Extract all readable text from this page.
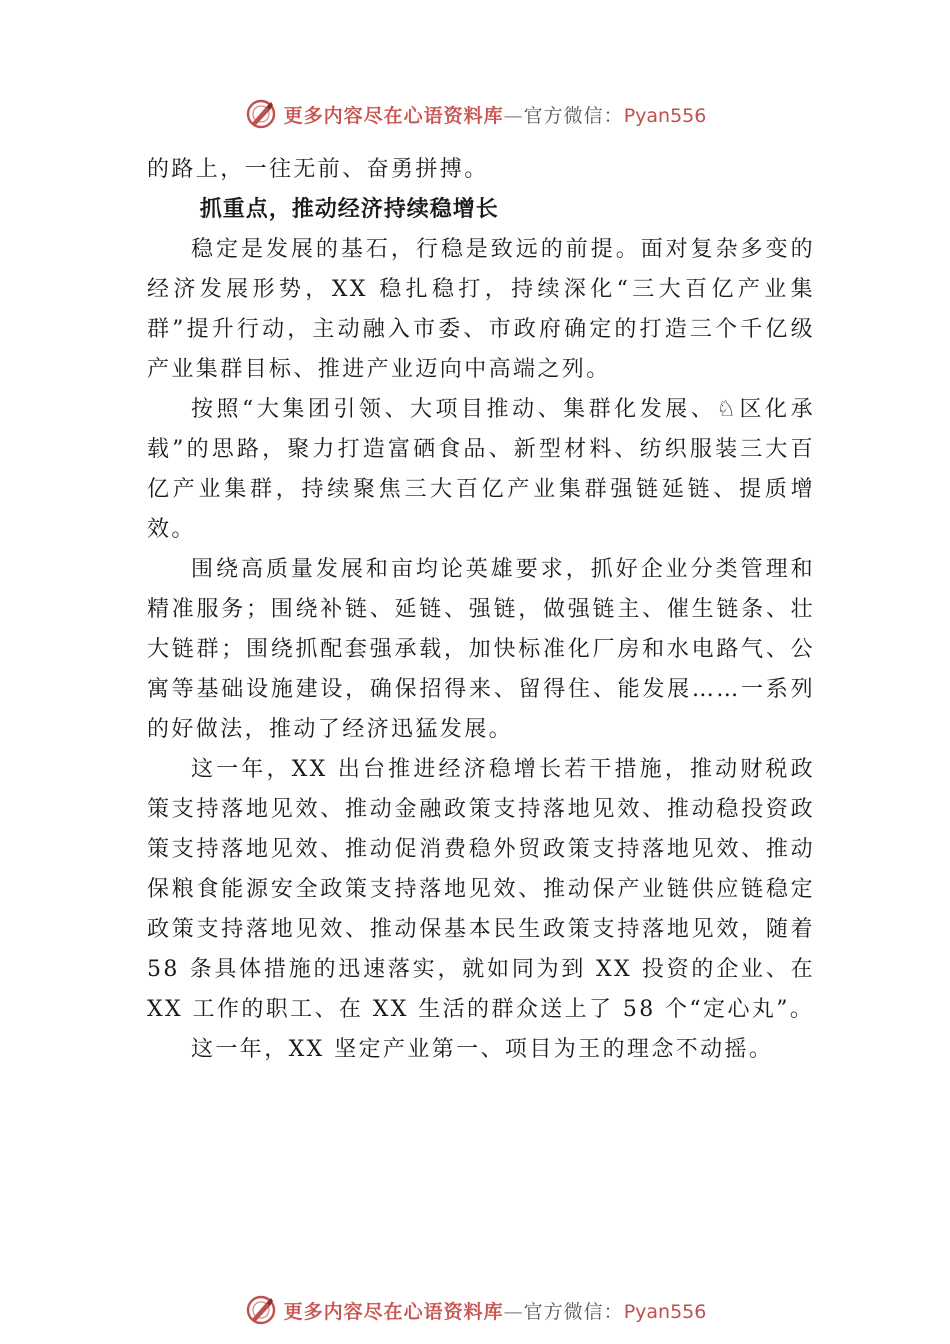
更多内容尽在心语资料库—官方微信：Pyan556

的路上，一往无前、奋勇拼搏。

抓重点，推动经济持续稳增长

稳定是发展的基石，行稳是致远的前提。面对复杂多变的经济发展形势，XX 稳扎稳打，持续深化“三大百亿产业集群”提升行动，主动融入市委、市政府确定的打造三个千亿级产业集群目标、推进产业迈向中高端之列。

按照“大集团引领、大项目推动、集群化发展、♘区化承载”的思路，聚力打造富硒食品、新型材料、纺织服装三大百亿产业集群，持续聚焦三大百亿产业集群强链延链、提质增效。

围绕高质量发展和亩均论英雄要求，抓好企业分类管理和精准服务；围绕补链、延链、强链，做强链主、催生链条、壮大链群；围绕抓配套强承载，加快标准化厂房和水电路气、公寓等基础设施建设，确保招得来、留得住、能发展……一系列的好做法，推动了经济迅猛发展。

这一年，XX 出台推进经济稳增长若干措施，推动财税政策支持落地见效、推动金融政策支持落地见效、推动稳投资政策支持落地见效、推动促消费稳外贸政策支持落地见效、推动保粮食能源安全政策支持落地见效、推动保产业链供应链稳定政策支持落地见效、推动保基本民生政策支持落地见效，随着 58 条具体措施的迅速落实，就如同为到 XX 投资的企业、在 XX 工作的职工、在 XX 生活的群众送上了 58 个“定心丸”。

这一年，XX 坚定产业第一、项目为王的理念不动摇。

更多内容尽在心语资料库—官方微信：Pyan556
